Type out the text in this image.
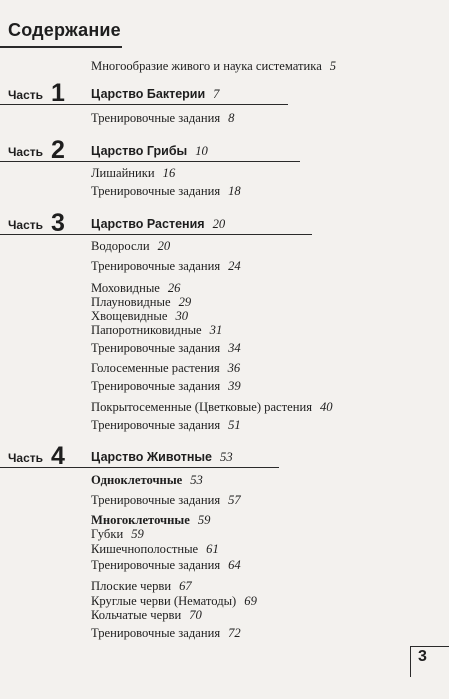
Содержание
Многообразие живого и наука систематика 5
Часть 1 Царство Бактерии 7
Тренировочные задания 8
Часть 2 Царство Грибы 10
Лишайники 16
Тренировочные задания 18
Часть 3 Царство Растения 20
Водоросли 20
Тренировочные задания 24
Моховидные 26
Плауновидные 29
Хвощевидные 30
Папоротниковидные 31
Тренировочные задания 34
Голосеменные растения 36
Тренировочные задания 39
Покрытосеменные (Цветковые) растения 40
Тренировочные задания 51
Часть 4 Царство Животные 53
Одноклеточные 53
Тренировочные задания 57
Многоклеточные 59
Губки 59
Кишечнополостные 61
Тренировочные задания 64
Плоские черви 67
Круглые черви (Нематоды) 69
Кольчатые черви 70
Тренировочные задания 72
3
